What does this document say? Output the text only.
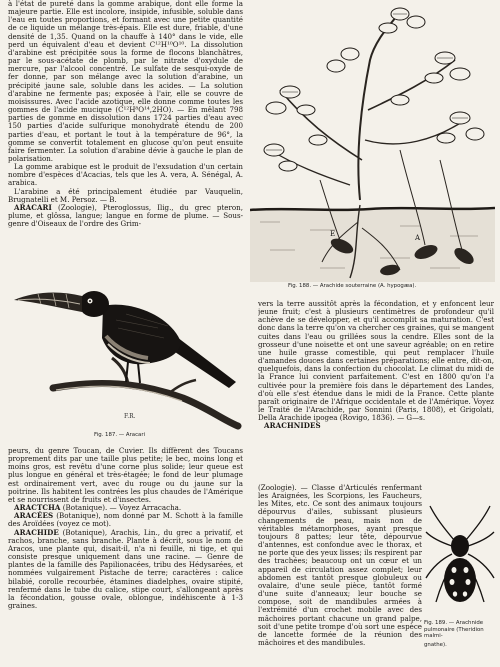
à l'état de pureté dans la gomme arabique, dont elle forme la majeure partie. Elle est incolore, insipide, infusible, soluble dans l'eau en toutes proportions, et formant avec une petite quantité de ce liquide un mélange très-épais. Elle est dure, friable, d'une densité de 1,35. Quand on la chauffe à 140° dans le vide, elle perd un équivalent d'eau et devient C¹²H¹⁰O¹⁰. La dissolution d'arabine est précipitée sous la forme de flocons blanchâtres, par le sous-acétate de plomb, par le nitrate d'oxydule de mercure, par l'alcool concentré. Le sulfate de sesqui-oxyde de fer donne, par son mélange avec la solution d'arabine, un précipité jaune sale, soluble dans les acides. — La solution d'arabine ne fermente pas; exposée à l'air, elle se couvre de moisissures. Avec l'acide azotique, elle donne comme toutes les gommes de l'acide mucique (C¹²H⁸O¹⁴,2HO). — En mêlant 798 parties de gomme en dissolution dans 1724 parties d'eau avec 150 parties d'acide sulfurique monohydraté étendu de 200 parties d'eau, et portant le tout à la température de 96°, la gomme se convertit totalement en glucose qu'on peut ensuite faire fermenter. La solution d'arabine dévie à gauche le plan de polarisation.

La gomme arabique est le produit de l'exsudation d'un certain nombre d'espèces d'Acacias, tels que les A. vera, A. Sénégal, A. arabica.

L'arabine a été principalement étudiée par Vauquelin, Brugnatelli et M. Persoz. — B.

ARACARI (Zoologie), Pteroglossus, Ilig., du grec pteron, plume, et glôssa, langue; langue en forme de plume. — Sous-genre d'Oiseaux de l'ordre des Grim-

F.R.
Fig. 187. — Aracari

peurs, du genre Toucan, de Cuvier. Ils diffèrent des Toucans proprement dits par une taille plus petite; le bec, moins long et moins gros, est revêtu d'une corne plus solide; leur queue est plus longue en général et très-étagée; le fond de leur plumage est ordinairement vert, avec du rouge ou du jaune sur la poitrine. Ils habitent les contrées les plus chaudes de l'Amérique et se nourrissent de fruits et d'insectes.

ARACTCHA (Botanique). — Voyez Arracacha.

ARACÉES (Botanique), nom donné par M. Schott à la famille des Aroïdées (voyez ce mot).

ARACHIDE (Botanique), Arachis, Lin., du grec a privatif, et rachos, branche, sans branche. Plante à décrit, sous le nom de Aracos, une plante qui, disait-il, n'a ni feuille, ni tige, et qui consiste presque uniquement dans une racine. — Genre de plantes de la famille des Papilionacées, tribu des Hédysarées, et nommées vulgairement Pistache de terre; caractères : calice bilabié, corolle recourbée, étamines diadelphes, ovaire stipité, renfermé dans le tube du calice, stipe court, s'allongeant après la fécondation, gousse ovale, oblongue, indéhiscente à 1-3 graines.

E	A
Fig. 188. — Arachide souterraine (A. hypogæa).

vers la terre aussitôt après la fécondation, et y enfoncent leur jeune fruit; c'est à plusieurs centimètres de profondeur qu'il achève de se développer, et qu'il accomplit sa maturation. C'est donc dans la terre qu'on va chercher ces graines, qui se mangent cuites dans l'eau ou grillées sous la cendre. Elles sont de la grosseur d'une noisette et ont une saveur agréable; on en retire une huile grasse comestible, qui peut remplacer l'huile d'amandes douces dans certaines préparations; elle entre, dit-on, quelquefois, dans la confection du chocolat. Le climat du midi de la France lui convient parfaitement. C'est en 1800 qu'on l'a cultivée pour la première fois dans le département des Landes, d'où elle s'est étendue dans le midi de la France. Cette plante paraît originaire de l'Afrique occidentale et de l'Amérique. Voyez le Traité de l'Arachide, par Sonnini (Paris, 1808), et Grigolati, Della Arachide ipogea (Rovigo, 1836). — G—s.

ARACHNIDES

(Zoologie). — Classe d'Articulés renfermant les Araignées, les Scorpions, les Faucheurs, les Mites, etc. Ce sont des animaux toujours dépourvus d'ailes, subissant plusieurs changements de peau, mais non de véritables métamorphoses, ayant presque toujours 8 pattes; leur tête, dépourvue d'antennes, est confondue avec le thorax, et ne porte que des yeux lisses; ils respirent par des trachées; beaucoup ont un cœur et un appareil de circulation assez complet; leur abdomen est tantôt presque globuleux ou ovalaire, d'une seule pièce, tantôt formé d'une suite d'anneaux; leur bouche se compose, soit de mandibules armées à l'extrémité d'un crochet mobile avec des mâchoires portant chacune un grand palpe, soit d'une petite trompe d'où sort une espèce de lancette formée de la réunion des mâchoires et des mandibules.

Fig. 189. — Arachnide pulmonaire (Theridion malmi-
gnathe).
